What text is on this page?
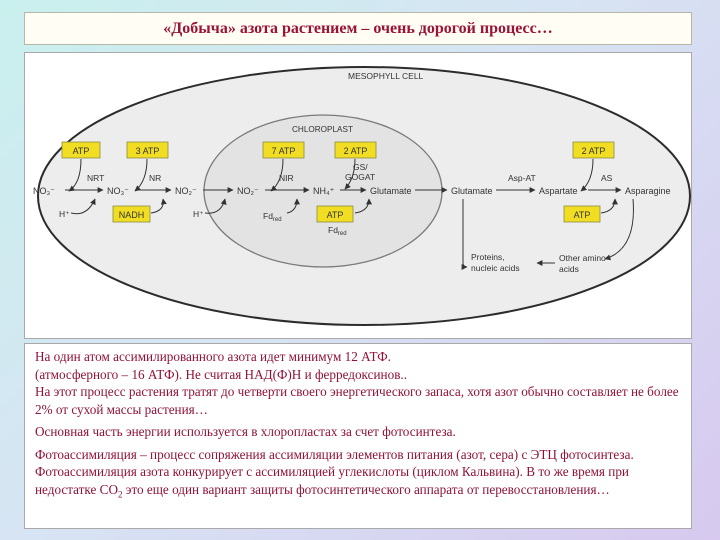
«Добыча» азота растением – очень дорогой процесс…
MESOPHYLL CELL
CHLOROPLAST
ATP	3 ATP	7 ATP	2 ATP	2 ATP
NRT	NR	NIR
GS/
GOGAT	Asp-AT	AS
NO₃⁻	NO₃⁻	NO₂⁻	NO₂⁻	NH₄⁺	Glutamate	Glutamate	Aspartate	Asparagine
H⁺	H⁺
NADH	$Fd_{red}$	ATP
$Fd_{red}$
ATP
Proteins,
nucleic acids
Other amino
acids

На один атом ассимилированного азота идет минимум 12 АТФ.

(атмосферного – 16 АТФ). Не считая НАД(Ф)Н и ферредоксинов..

На этот процесс растения тратят до четверти своего энергетического запаса, хотя азот обычно составляет не более 2% от сухой массы растения…

Основная часть энергии используется в хлоропластах за счет фотосинтеза.

Фотоассимиляция – процесс сопряжения ассимиляции элементов питания (азот, сера) с ЭТЦ фотосинтеза. Фотоассимиляция азота конкурирует с ассимиляцией углекислоты (циклом Кальвина). В то же время при недостатке $CO_2$ это еще один вариант защиты фотосинтетического аппарата от перевосстановления…
